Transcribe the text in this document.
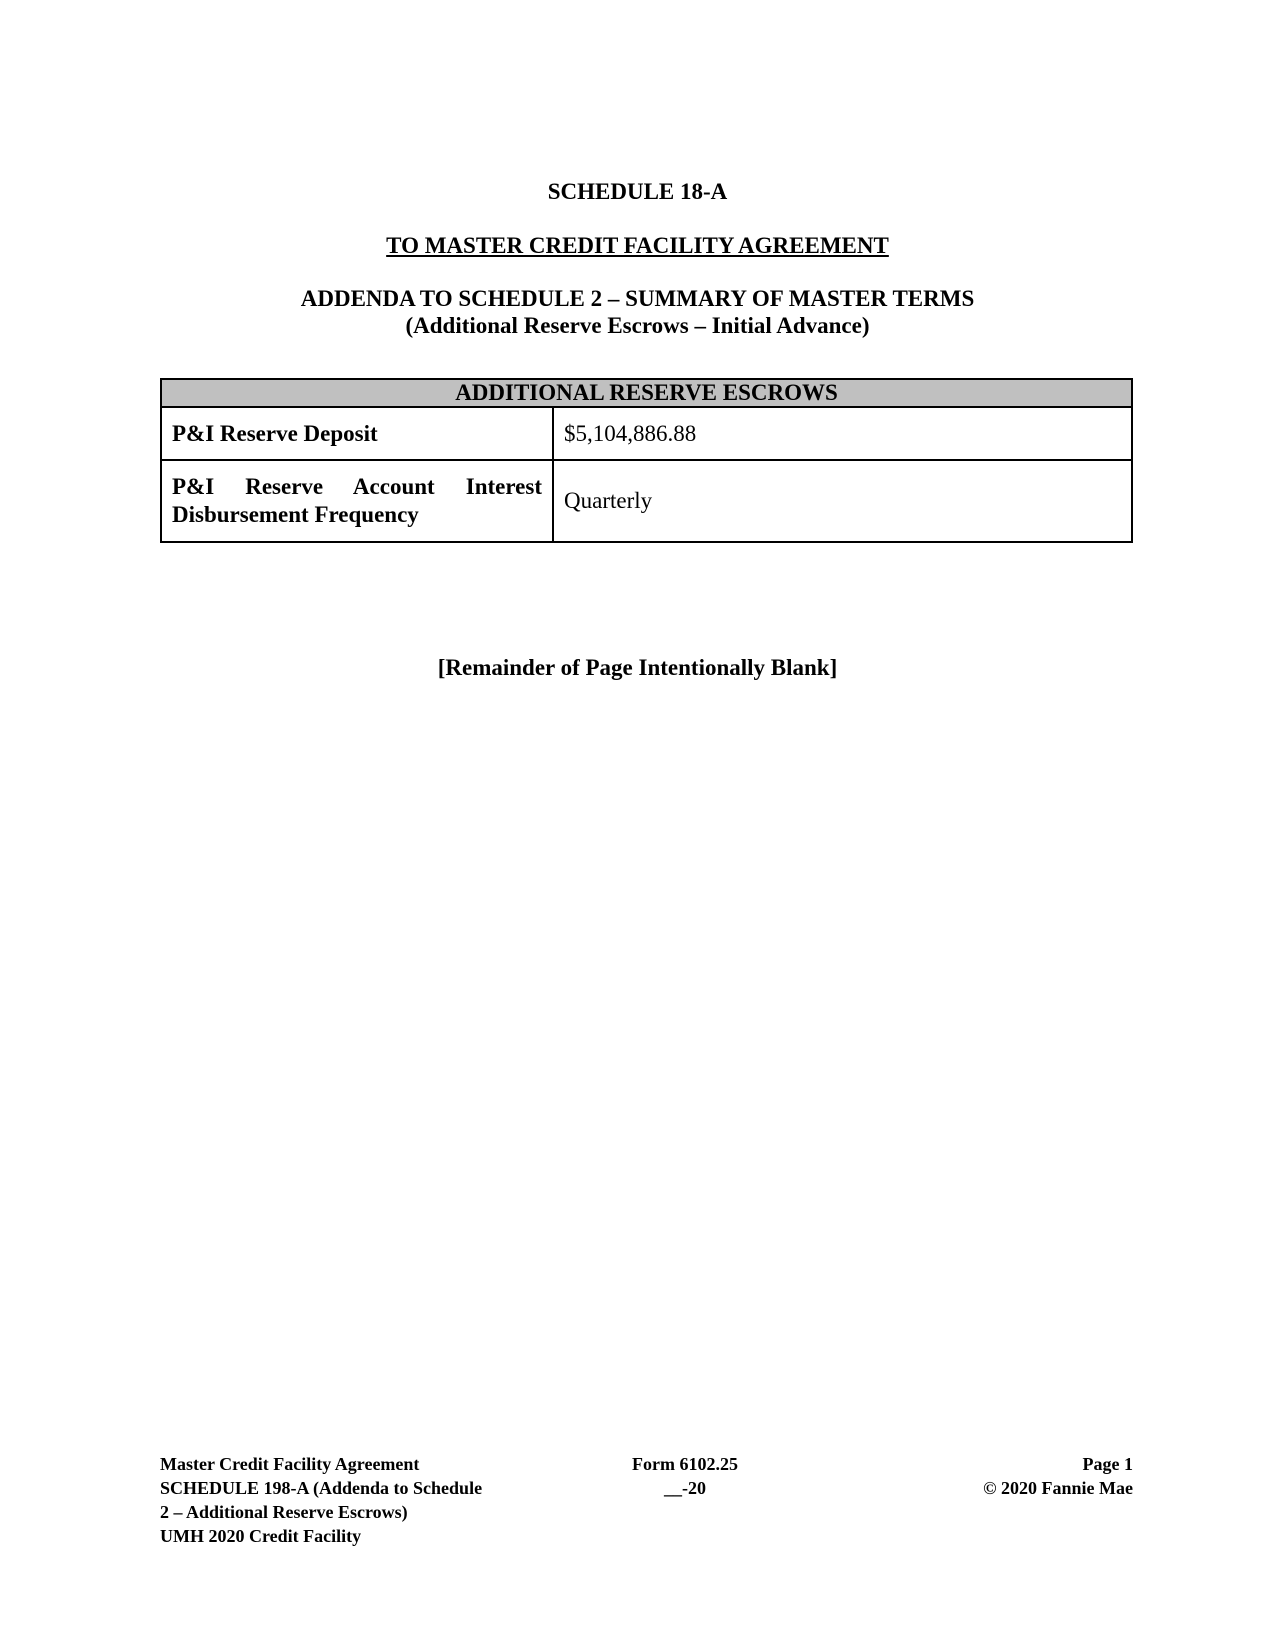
SCHEDULE 18-A
TO MASTER CREDIT FACILITY AGREEMENT
ADDENDA TO SCHEDULE 2 – SUMMARY OF MASTER TERMS
(Additional Reserve Escrows – Initial Advance)
ADDITIONAL RESERVE ESCROWS	
P&I Reserve Deposit	$5,104,886.88
P&I Reserve Account Interest Disbursement Frequency	Quarterly
[Remainder of Page Intentionally Blank]
Master Credit Facility Agreement
SCHEDULE 198-A (Addenda to Schedule
2 – Additional Reserve Escrows)
UMH 2020 Credit Facility
Form 6102.25
__-20
Page 1
© 2020 Fannie Mae
